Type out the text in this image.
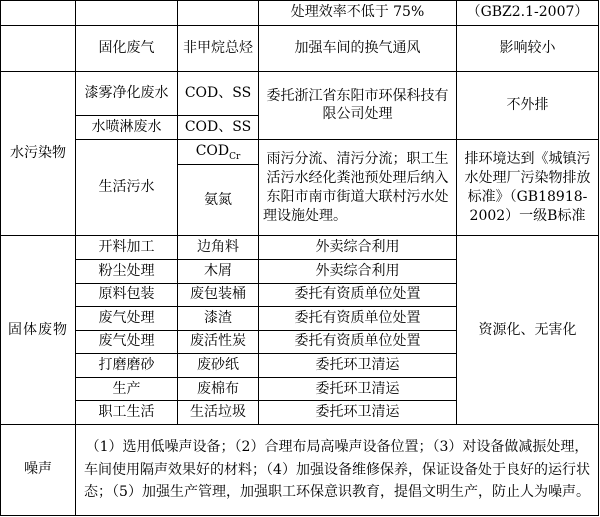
			处理效率不低于 75%	（GBZ2.1-2007）
	固化废气	非甲烷总烃	加强车间的换气通风	影响较小
水污染物	漆雾净化废水	COD、SS	委托浙江省东阳市环保科技有限公司处理	不外排
	水喷淋废水	COD、SS		
	生活污水	$COD_{Cr}$	雨污分流、清污分流；职工生活污水经化粪池预处理后纳入东阳市南市街道大联村污水处理设施处理。	排环境达到《城镇污水处理厂污染物排放标准》（GB18918-2002）一级B标准
		氨氮		

固体废物	开料加工	边角料	外卖综合利用	资源化、无害化
	粉尘处理	木屑	外卖综合利用	
	原料包装	废包装桶	委托有资质单位处置	
	废气处理	漆渣	委托有资质单位处置	
	废气处理	废活性炭	委托有资质单位处置	
	打磨磨砂	废砂纸	委托环卫清运	
	生产	废棉布	委托环卫清运	
	职工生活	生活垃圾	委托环卫清运	
噪声	（1）选用低噪声设备；（2）合理布局高噪声设备位置；（3）对设备做减振处理，车间使用隔声效果好的材料；（4）加强设备维修保养，保证设备处于良好的运行状态；（5）加强生产管理，加强职工环保意识教育，提倡文明生产，防止人为噪声。			
